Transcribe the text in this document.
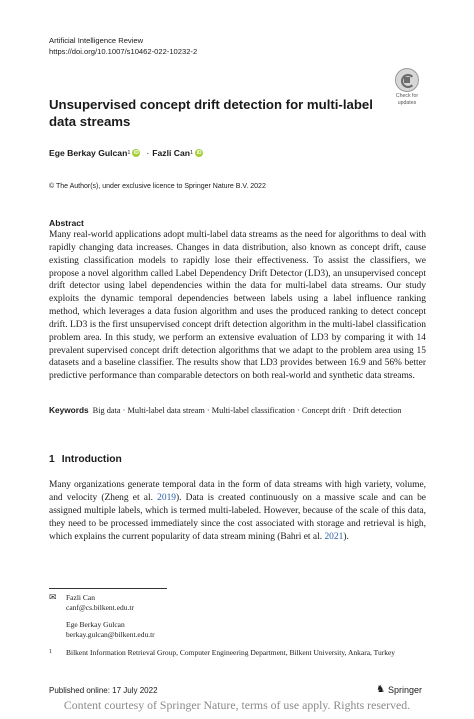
Artificial Intelligence Review
https://doi.org/10.1007/s10462-022-10232-2
Check for
updates
Unsupervised concept drift detection for multi-label data streams
Ege Berkay Gulcan 1 iD · Fazli Can 1 iD
© The Author(s), under exclusive licence to Springer Nature B.V. 2022
Abstract

Many real-world applications adopt multi-label data streams as the need for algorithms to deal with rapidly changing data increases. Changes in data distribution, also known as concept drift, cause existing classification models to rapidly lose their effectiveness. To assist the classifiers, we propose a novel algorithm called Label Dependency Drift Detector (LD3), an unsupervised concept drift detector using label dependencies within the data for multi-label data streams. Our study exploits the dynamic temporal dependencies between labels using a label influence ranking method, which leverages a data fusion algorithm and uses the produced ranking to detect concept drift. LD3 is the first unsupervised concept drift detection algorithm in the multi-label classification problem area. In this study, we perform an extensive evaluation of LD3 by comparing it with 14 prevalent supervised concept drift detection algorithms that we adapt to the problem area using 15 datasets and a baseline classifier. The results show that LD3 provides between 16.9 and 56% better predictive performance than comparable detectors on both real-world and synthetic data streams.

Keywords Big data · Multi-label data stream · Multi-label classification · Concept drift · Drift detection

1 Introduction

Many organizations generate temporal data in the form of data streams with high variety, volume, and velocity (Zheng et al. 2019). Data is created continuously on a massive scale and can be assigned multiple labels, which is termed multi-labeled. However, because of the scale of this data, they need to be processed immediately since the cost associated with storage and retrieval is high, which explains the current popularity of data stream mining (Bahri et al. 2021).

✉ Fazli Can
canf@cs.bilkent.edu.tr
Ege Berkay Gulcan
berkay.gulcan@bilkent.edu.tr
1 Bilkent Information Retrieval Group, Computer Engineering Department, Bilkent University, Ankara, Turkey
Published online: 17 July 2022	♞ Springer
Content courtesy of Springer Nature, terms of use apply. Rights reserved.
